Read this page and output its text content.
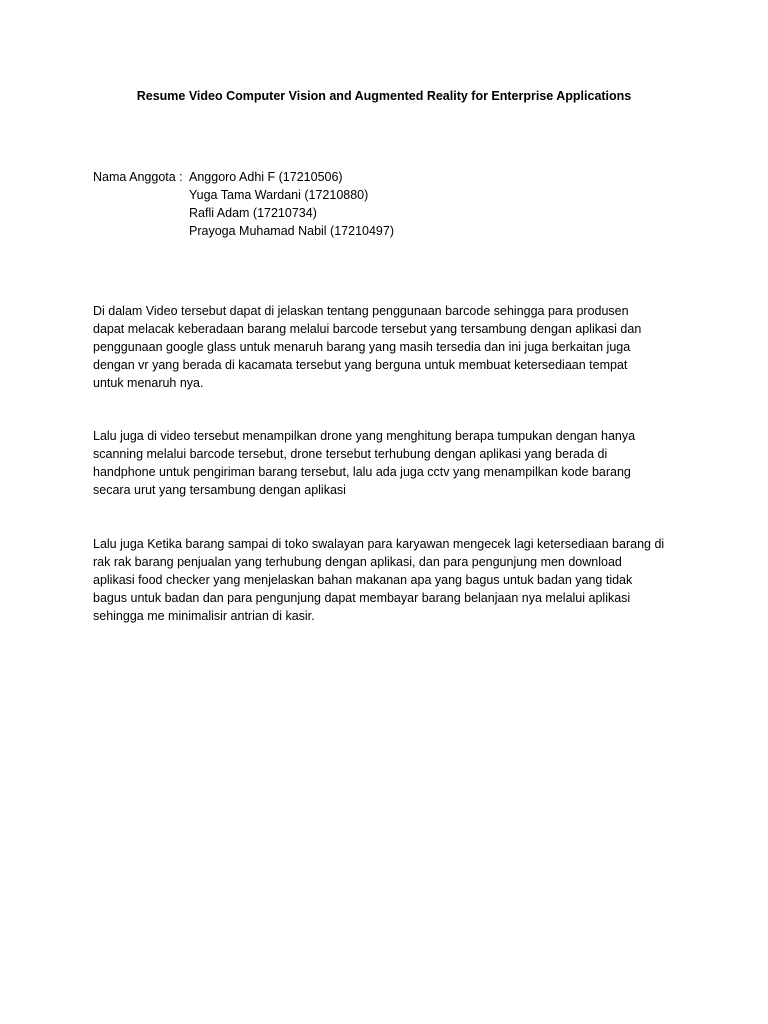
Resume Video Computer Vision and Augmented Reality for Enterprise Applications
Nama Anggota : Anggoro Adhi F (17210506)
Yuga Tama Wardani (17210880)
Rafli Adam (17210734)
Prayoga Muhamad Nabil (17210497)
Di dalam Video tersebut dapat di jelaskan tentang penggunaan barcode sehingga para produsen
dapat melacak keberadaan barang melalui barcode tersebut yang tersambung dengan aplikasi dan
penggunaan google glass untuk menaruh barang yang masih tersedia dan ini juga berkaitan juga
dengan vr yang berada di kacamata tersebut yang berguna untuk membuat ketersediaan tempat
untuk menaruh nya.
Lalu juga di video tersebut menampilkan drone yang menghitung berapa tumpukan dengan hanya
scanning melalui barcode tersebut, drone tersebut terhubung dengan aplikasi yang berada di
handphone untuk pengiriman barang tersebut, lalu ada juga cctv yang menampilkan kode barang
secara urut yang tersambung dengan aplikasi
Lalu juga Ketika barang sampai di toko swalayan para karyawan mengecek lagi ketersediaan barang di
rak rak barang penjualan yang terhubung dengan aplikasi, dan para pengunjung men download
aplikasi food checker yang menjelaskan bahan makanan apa yang bagus untuk badan yang tidak
bagus untuk badan dan para pengunjung dapat membayar barang belanjaan nya melalui aplikasi
sehingga me minimalisir antrian di kasir.
